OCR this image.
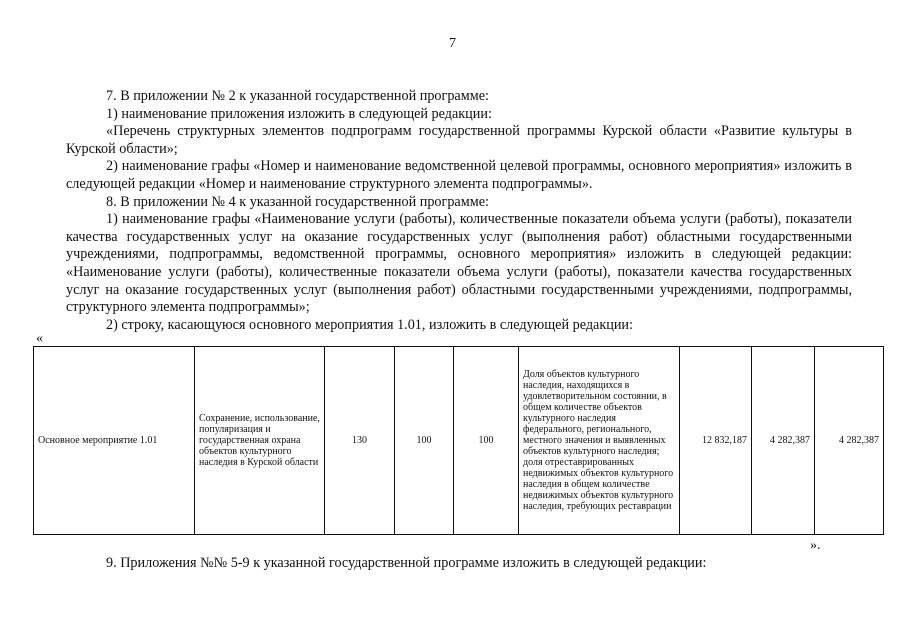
7

7. В приложении № 2 к указанной государственной программе:

1) наименование приложения изложить в следующей редакции:

«Перечень структурных элементов подпрограмм государственной программы Курской области «Развитие культуры в Курской области»;

2) наименование графы «Номер и наименование ведомственной целевой программы, основного мероприятия» изложить в следующей редакции «Номер и наименование структурного элемента подпрограммы».

8. В приложении № 4 к указанной государственной программе:

1) наименование графы «Наименование услуги (работы), количественные показатели объема услуги (работы), показатели качества государственных услуг на оказание государственных услуг (выполнения работ) областными государственными учреждениями, подпрограммы, ведомственной программы, основного мероприятия» изложить в следующей редакции: «Наименование услуги (работы), количественные показатели объема услуги (работы), показатели качества государственных услуг на оказание государственных услуг (выполнения работ) областными государственными учреждениями, подпрограммы, структурного элемента подпрограммы»;

2) строку, касающуюся основного мероприятия 1.01, изложить в следующей редакции:

«
Основное мероприятие 1.01	Сохранение, использование, популяризация и государственная охрана объектов культурного наследия в Курской области	130	100	100	Доля объектов культурного наследия, находящихся в удовлетворительном состоянии, в общем количестве объектов культурного наследия федерального, регионального, местного значения и выявленных объектов культурного наследия; доля отреставрированных недвижимых объектов культурного наследия в общем количестве недвижимых объектов культурного наследия, требующих реставрации	12 832,187	4 282,387	4 282,387
».
9. Приложения №№ 5-9 к указанной государственной программе изложить в следующей редакции:
